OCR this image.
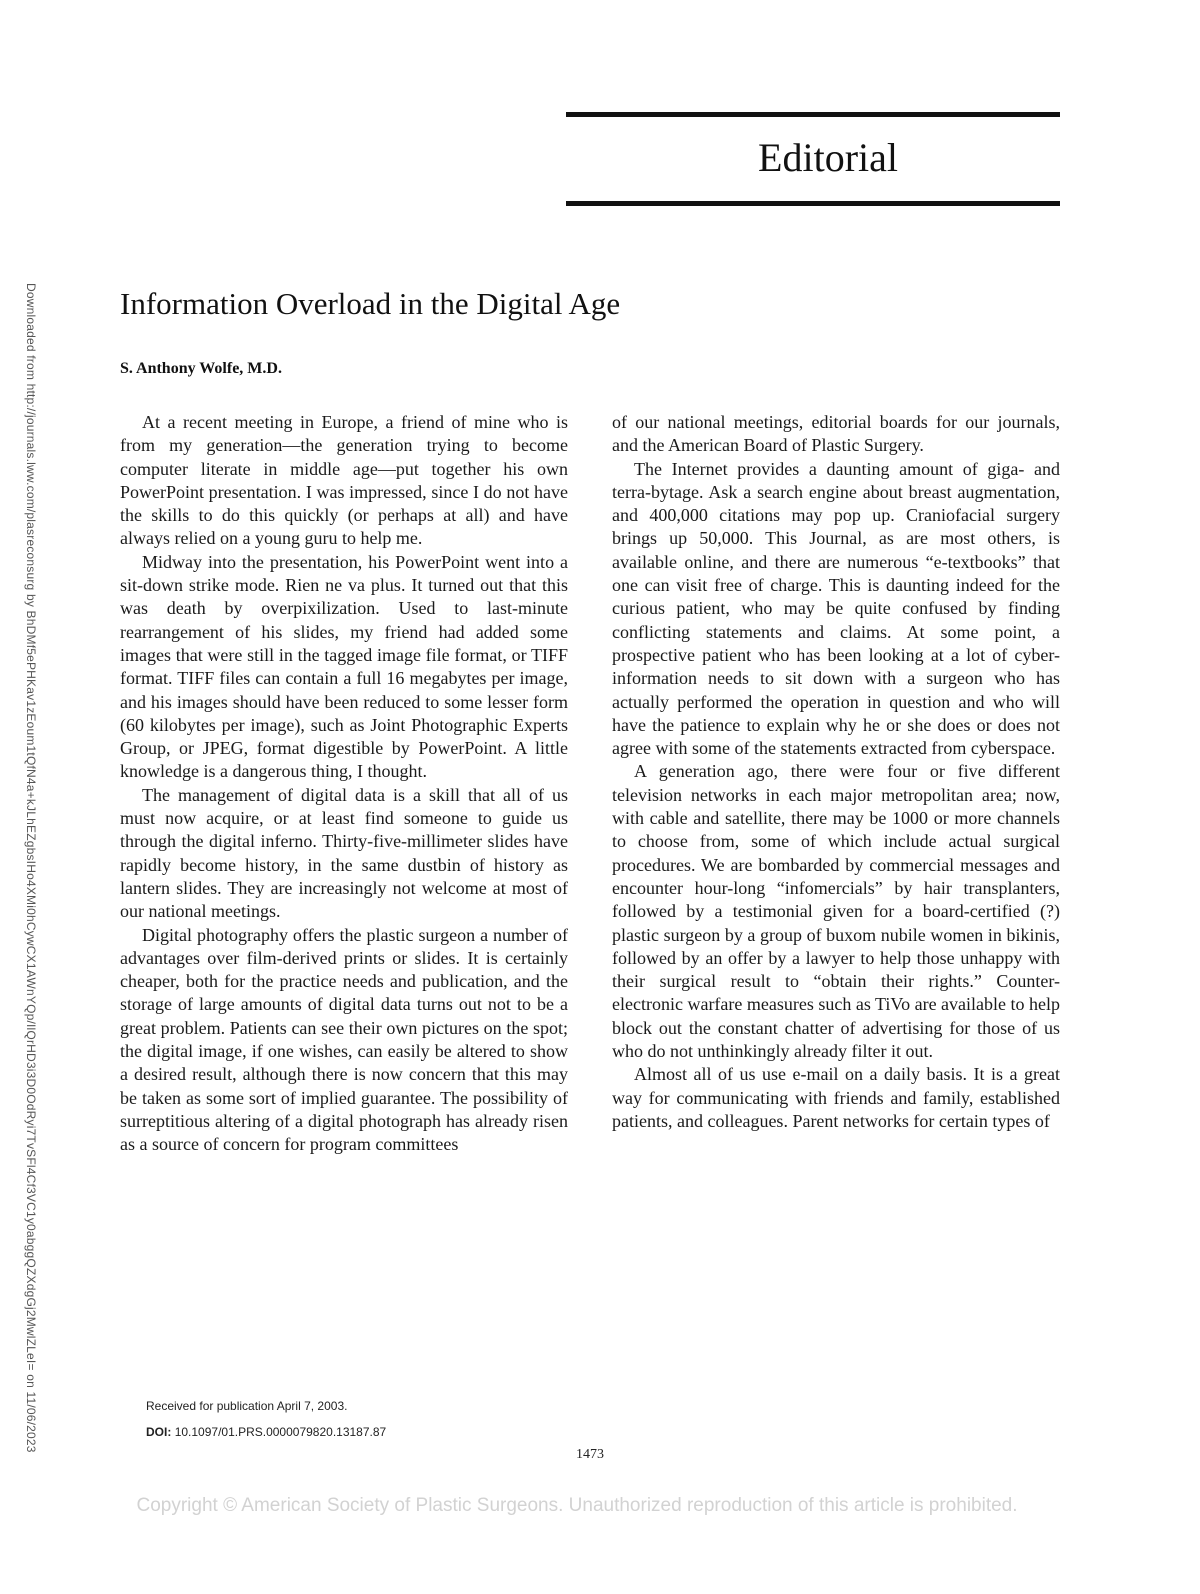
Editorial
Downloaded from http://journals.lww.com/plasreconsurg by BhDMf5ePHKav1zEoum1tQfN4a+kJLhEZgbsIHo4XMi0hCywCX1AWnYQp/IlQrHD3i3D0OdRyi7TvSFl4Cf3VC1y0abggQZXdgGj2MwlZLeI= on 11/06/2023	Information Overload in the Digital Age
S. Anthony Wolfe, M.D.

At a recent meeting in Europe, a friend of mine who is from my generation—the generation trying to become computer literate in middle age—put together his own PowerPoint presentation. I was impressed, since I do not have the skills to do this quickly (or perhaps at all) and have always relied on a young guru to help me.

Midway into the presentation, his PowerPoint went into a sit-down strike mode. Rien ne va plus. It turned out that this was death by overpixilization. Used to last-minute rearrangement of his slides, my friend had added some images that were still in the tagged image file format, or TIFF format. TIFF files can contain a full 16 megabytes per image, and his images should have been reduced to some lesser form (60 kilobytes per image), such as Joint Photographic Experts Group, or JPEG, format digestible by PowerPoint. A little knowledge is a dangerous thing, I thought.

The management of digital data is a skill that all of us must now acquire, or at least find someone to guide us through the digital inferno. Thirty-five-millimeter slides have rapidly become history, in the same dustbin of history as lantern slides. They are increasingly not welcome at most of our national meetings.

Digital photography offers the plastic surgeon a number of advantages over film-derived prints or slides. It is certainly cheaper, both for the practice needs and publication, and the storage of large amounts of digital data turns out not to be a great problem. Patients can see their own pictures on the spot; the digital image, if one wishes, can easily be altered to show a desired result, although there is now concern that this may be taken as some sort of implied guarantee. The possibility of surreptitious altering of a digital photograph has already risen as a source of concern for program committees

of our national meetings, editorial boards for our journals, and the American Board of Plastic Surgery.

The Internet provides a daunting amount of giga- and terra-bytage. Ask a search engine about breast augmentation, and 400,000 citations may pop up. Craniofacial surgery brings up 50,000. This Journal, as are most others, is available online, and there are numerous “e-textbooks” that one can visit free of charge. This is daunting indeed for the curious patient, who may be quite confused by finding conflicting statements and claims. At some point, a prospective patient who has been looking at a lot of cyber-information needs to sit down with a surgeon who has actually performed the operation in question and who will have the patience to explain why he or she does or does not agree with some of the statements extracted from cyberspace.

A generation ago, there were four or five different television networks in each major metropolitan area; now, with cable and satellite, there may be 1000 or more channels to choose from, some of which include actual surgical procedures. We are bombarded by commercial messages and encounter hour-long “infomercials” by hair transplanters, followed by a testimonial given for a board-certified (?) plastic surgeon by a group of buxom nubile women in bikinis, followed by an offer by a lawyer to help those unhappy with their surgical result to “obtain their rights.” Counter-electronic warfare measures such as TiVo are available to help block out the constant chatter of advertising for those of us who do not unthinkingly already filter it out.

Almost all of us use e-mail on a daily basis. It is a great way for communicating with friends and family, established patients, and colleagues. Parent networks for certain types of

Received for publication April 7, 2003.
DOI: 10.1097/01.PRS.0000079820.13187.87
1473
Copyright © American Society of Plastic Surgeons. Unauthorized reproduction of this article is prohibited.
